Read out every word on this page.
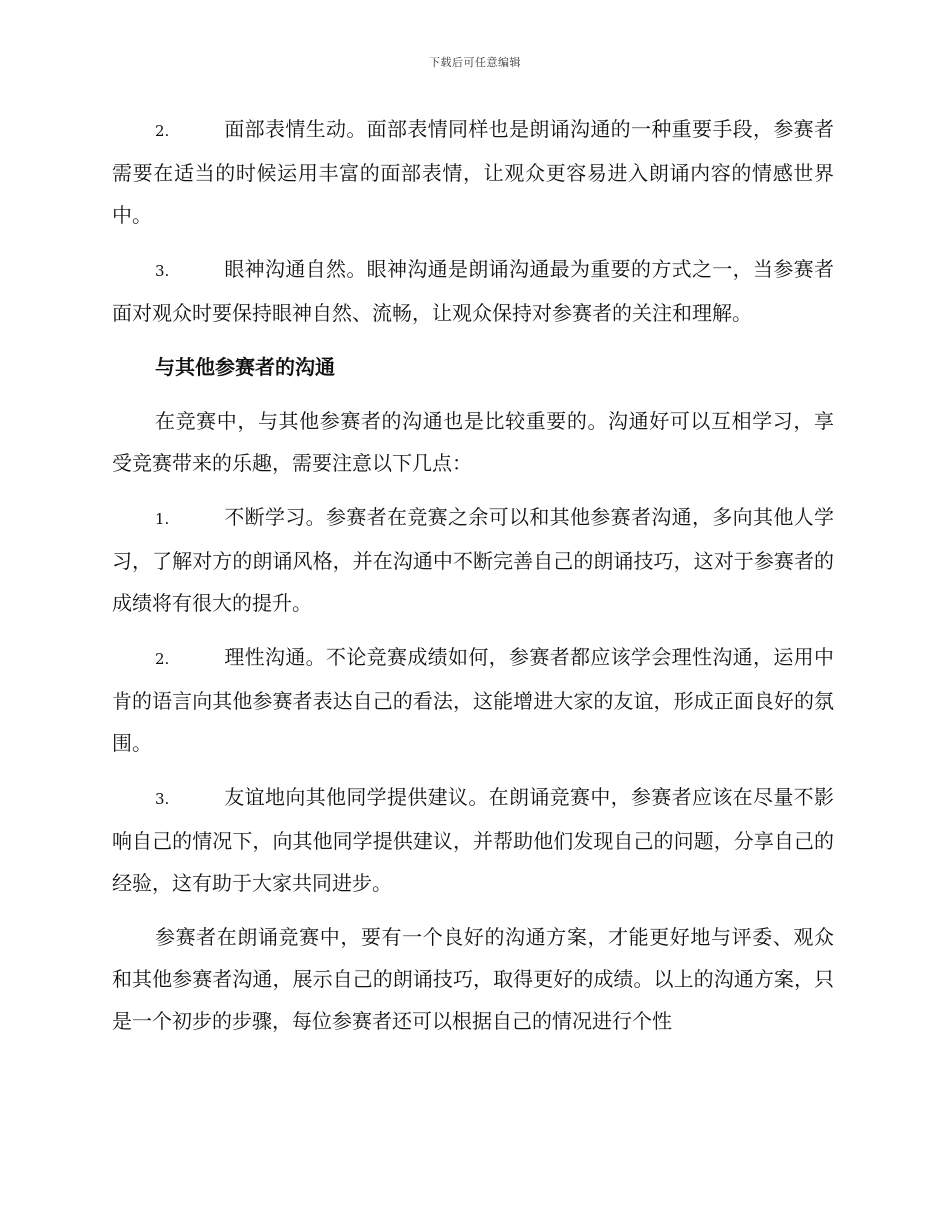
下载后可任意编辑

2.	面部表情生动。面部表情同样也是朗诵沟通的一种重要手段，参赛者需要在适当的时候运用丰富的面部表情，让观众更容易进入朗诵内容的情感世界中。

3.	眼神沟通自然。眼神沟通是朗诵沟通最为重要的方式之一，当参赛者面对观众时要保持眼神自然、流畅，让观众保持对参赛者的关注和理解。

与其他参赛者的沟通

在竞赛中，与其他参赛者的沟通也是比较重要的。沟通好可以互相学习，享受竞赛带来的乐趣，需要注意以下几点：

1.	不断学习。参赛者在竞赛之余可以和其他参赛者沟通，多向其他人学习，了解对方的朗诵风格，并在沟通中不断完善自己的朗诵技巧，这对于参赛者的成绩将有很大的提升。

2.	理性沟通。不论竞赛成绩如何，参赛者都应该学会理性沟通，运用中肯的语言向其他参赛者表达自己的看法，这能增进大家的友谊，形成正面良好的氛围。

3.	友谊地向其他同学提供建议。在朗诵竞赛中，参赛者应该在尽量不影响自己的情况下，向其他同学提供建议，并帮助他们发现自己的问题，分享自己的经验，这有助于大家共同进步。

参赛者在朗诵竞赛中，要有一个良好的沟通方案，才能更好地与评委、观众和其他参赛者沟通，展示自己的朗诵技巧，取得更好的成绩。以上的沟通方案，只是一个初步的步骤，每位参赛者还可以根据自己的情况进行个性
